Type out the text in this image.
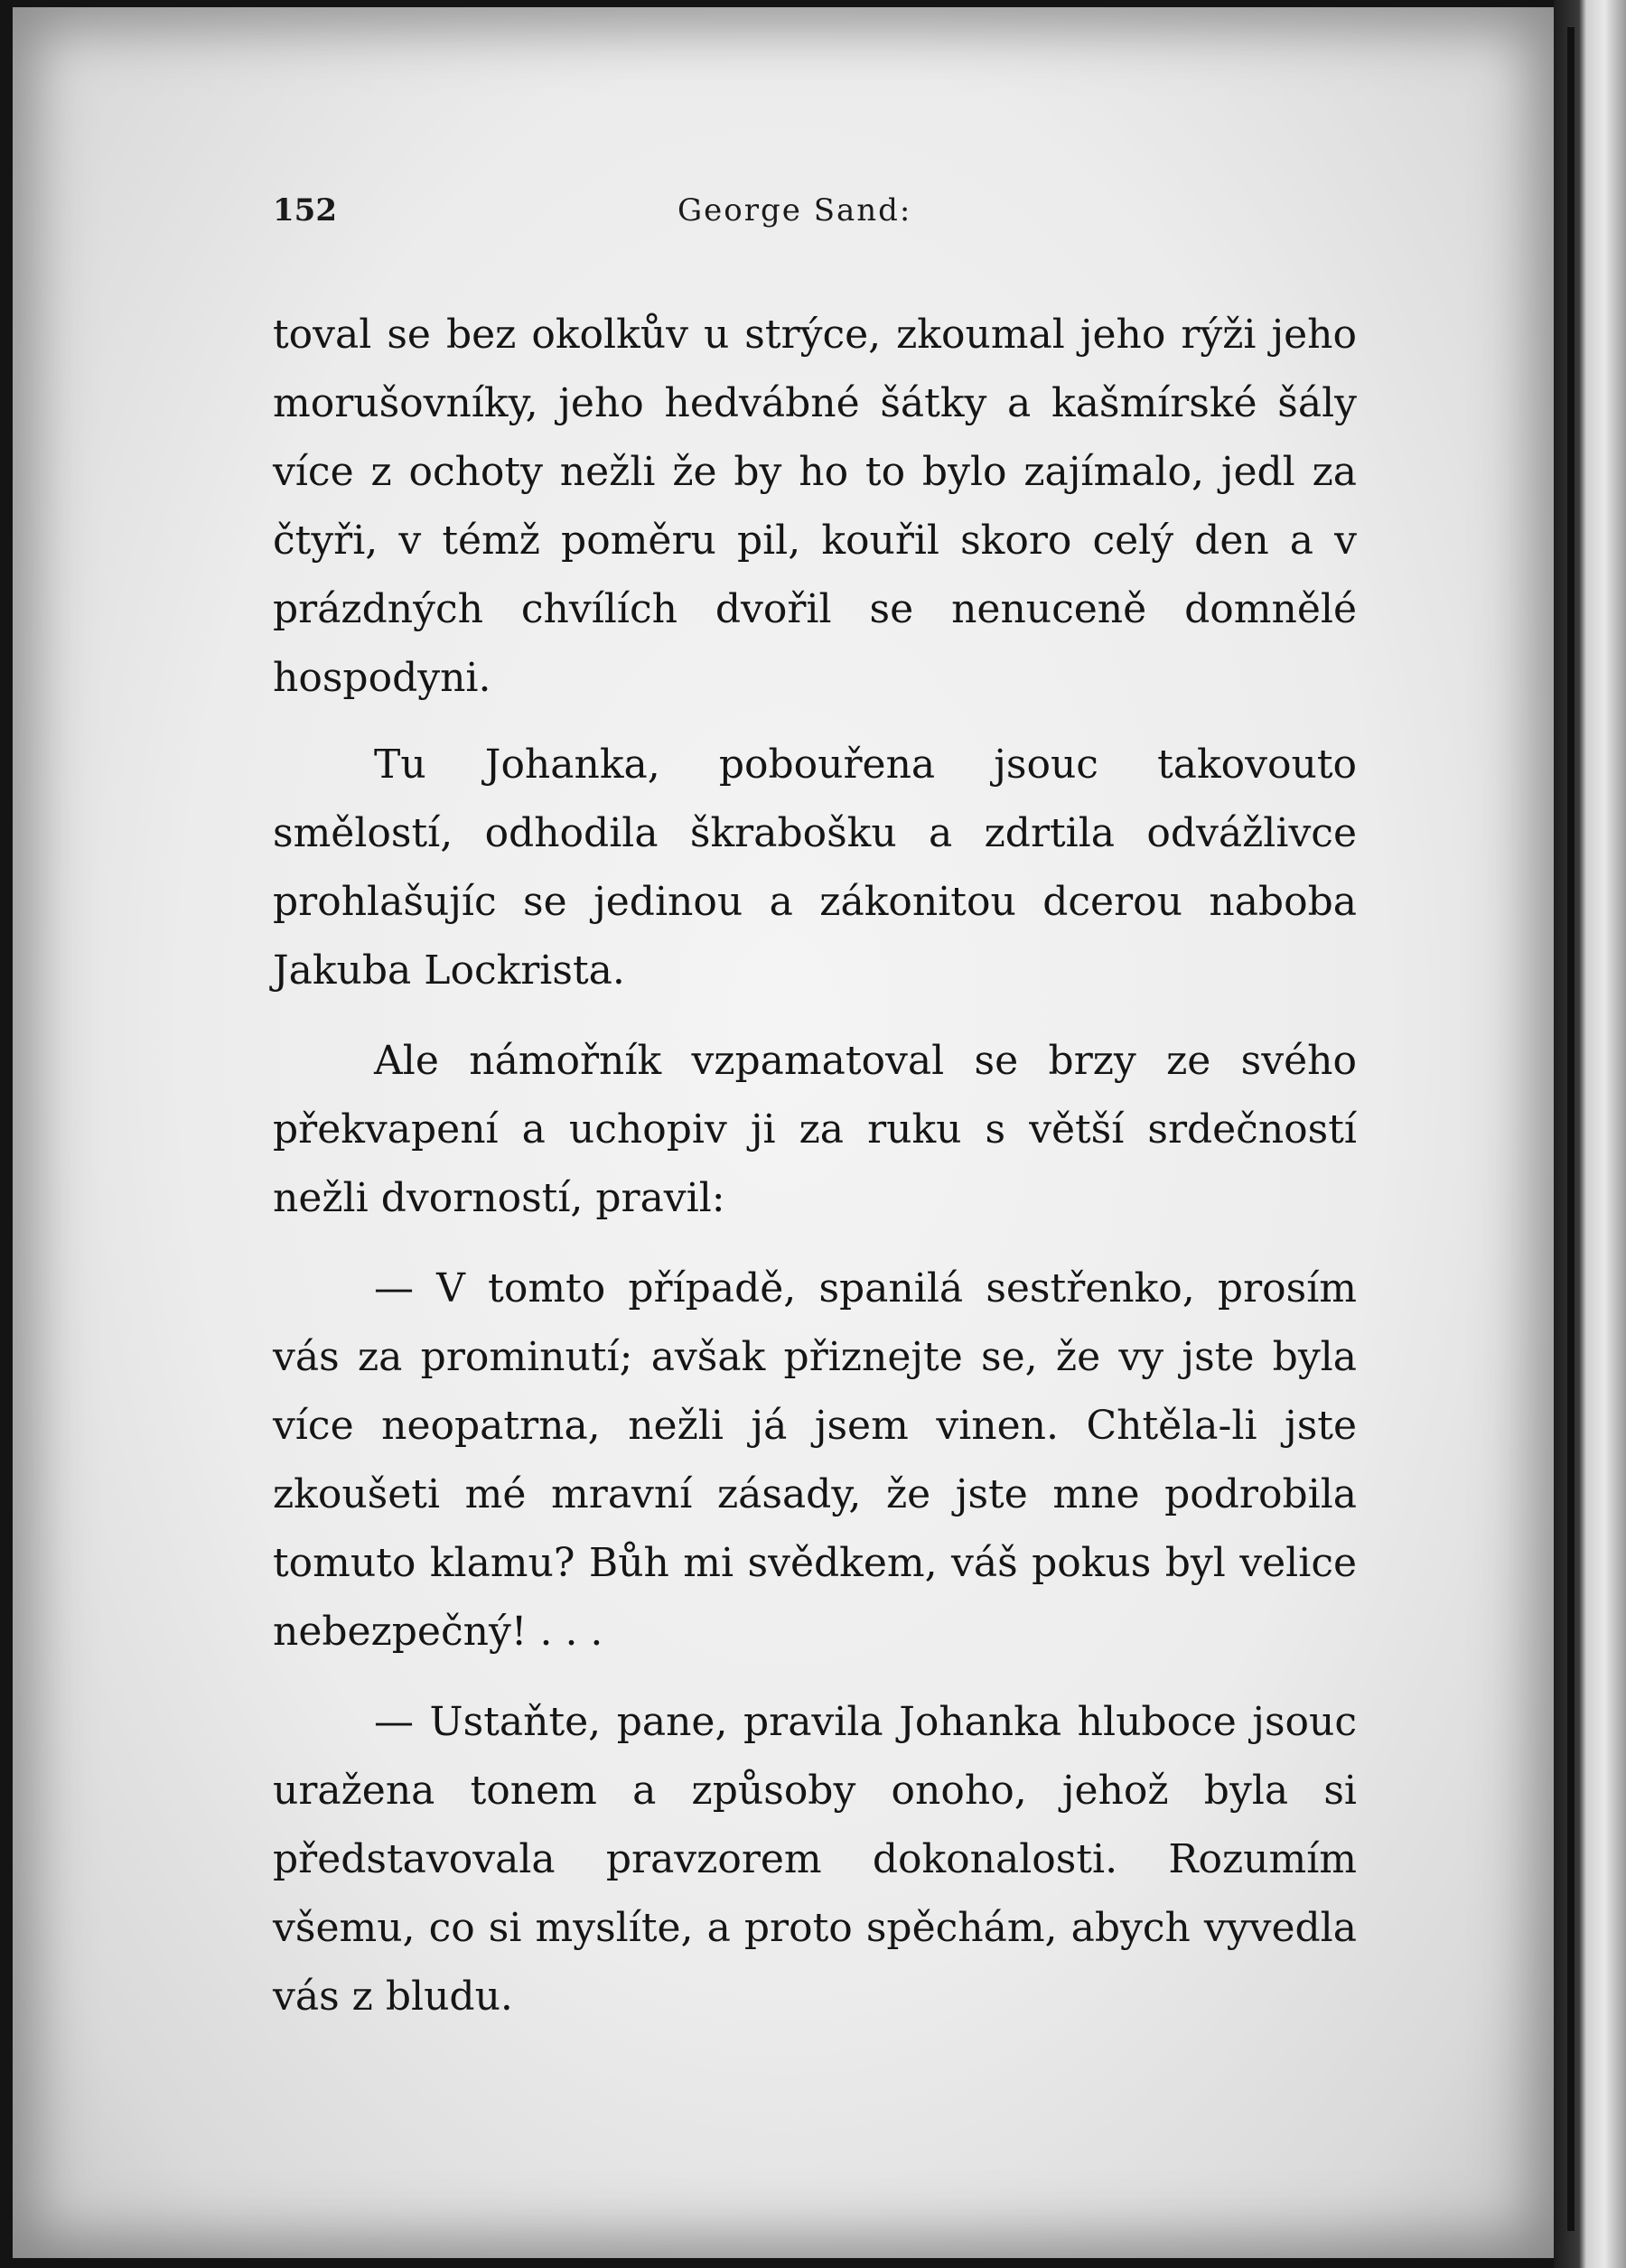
152	George Sand:

toval se bez okolkův u strýce, zkoumal jeho rýži jeho morušovníky, jeho hedvábné šátky a kašmírské šály více z ochoty nežli že by ho to bylo zajímalo, jedl za čtyři, v témž poměru pil, kouřil skoro celý den a v prázdných chvílích dvořil se nenuceně domnělé hospodyni.

Tu Johanka, pobouřena jsouc takovouto smělostí, odhodila škrabošku a zdrtila odvážlivce prohlašujíc se jedinou a zákonitou dcerou naboba Jakuba Lockrista.

Ale námořník vzpamatoval se brzy ze svého překvapení a uchopiv ji za ruku s větší srdečností nežli dvorností, pravil:

— V tomto případě, spanilá sestřenko, prosím vás za prominutí; avšak přiznejte se, že vy jste byla více neopatrna, nežli já jsem vinen. Chtěla-li jste zkoušeti mé mravní zásady, že jste mne podrobila tomuto klamu? Bůh mi svědkem, váš pokus byl velice nebezpečný! . . .

— Ustaňte, pane, pravila Johanka hluboce jsouc uražena tonem a způsoby onoho, jehož byla si představovala pravzorem dokonalosti. Rozumím všemu, co si myslíte, a proto spěchám, abych vyvedla vás z bludu.
